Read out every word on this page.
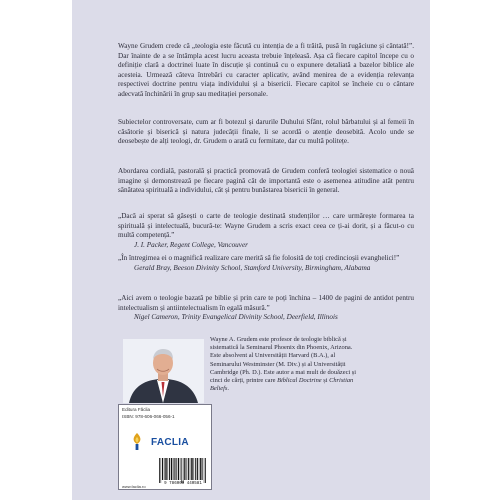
Wayne Grudem crede că „teologia este făcută cu intenția de a fi trăită, pusă în rugăciune și cântată!”. Dar înainte de a se întâmpla acest lucru aceasta trebuie înțeleasă. Așa că fiecare capitol începe cu o definiție clară a doctrinei luate în discuție și continuă cu o expunere detaliată a bazelor biblice ale acesteia. Urmează câteva întrebări cu caracter aplicativ, având menirea de a evidenția relevanța respectivei doctrine pentru viața individului și a bisericii. Fiecare capitol se încheie cu o cântare adecvată închinării în grup sau meditației personale.
Subiectelor controversate, cum ar fi botezul și darurile Duhului Sfânt, rolul bărbatului și al femeii în căsătorie și biserică și natura judecății finale, li se acordă o atenție deosebită. Acolo unde se deosebește de alți teologi, dr. Grudem o arată cu fermitate, dar cu multă politețe.
Abordarea cordială, pastorală și practică promovată de Grudem conferă teologiei sistematice o nouă imagine și demonstrează pe fiecare pagină cât de importantă este o asemenea atitudine atât pentru sănătatea spirituală a individului, cât și pentru bunăstarea bisericii în general.
„Dacă ai sperat să găsești o carte de teologie destinată studenților … care urmărește formarea ta spirituală și intelectuală, bucură-te: Wayne Grudem a scris exact ceea ce ți-ai dorit, și a făcut-o cu multă competență.”
J. I. Packer, Regent College, Vancouver
„În întregimea ei o magnifică realizare care merită să fie folosită de toți credincioșii evanghelici!”
Gerald Bray, Beeson Divinity School, Stamford University, Birmingham, Alabama
„Aici avem o teologie bazată pe biblie și prin care te poți închina – 1400 de pagini de antidot pentru intelectualism și antiintelectualism în egală măsură.”
Nigel Cameron, Trinity Evangelical Divinity School, Deerfield, Illinois
Wayne A. Grudem este profesor de teologie biblică și sistematică la Seminarul Phoenix din Phoenix, Arizona. Este absolvent al Universității Harvard (B.A.), al Seminarului Westminster (M. Div.) și al Universității Cambridge (Ph. D.). Este autor a mai mult de douăzeci și cinci de cărți, printre care Biblical Doctrine și Christian Beliefs.
Editura Făclia
ISBN: 978-606-066-056-1
FACLIA
9 786060 440581
www.faclia.ro
